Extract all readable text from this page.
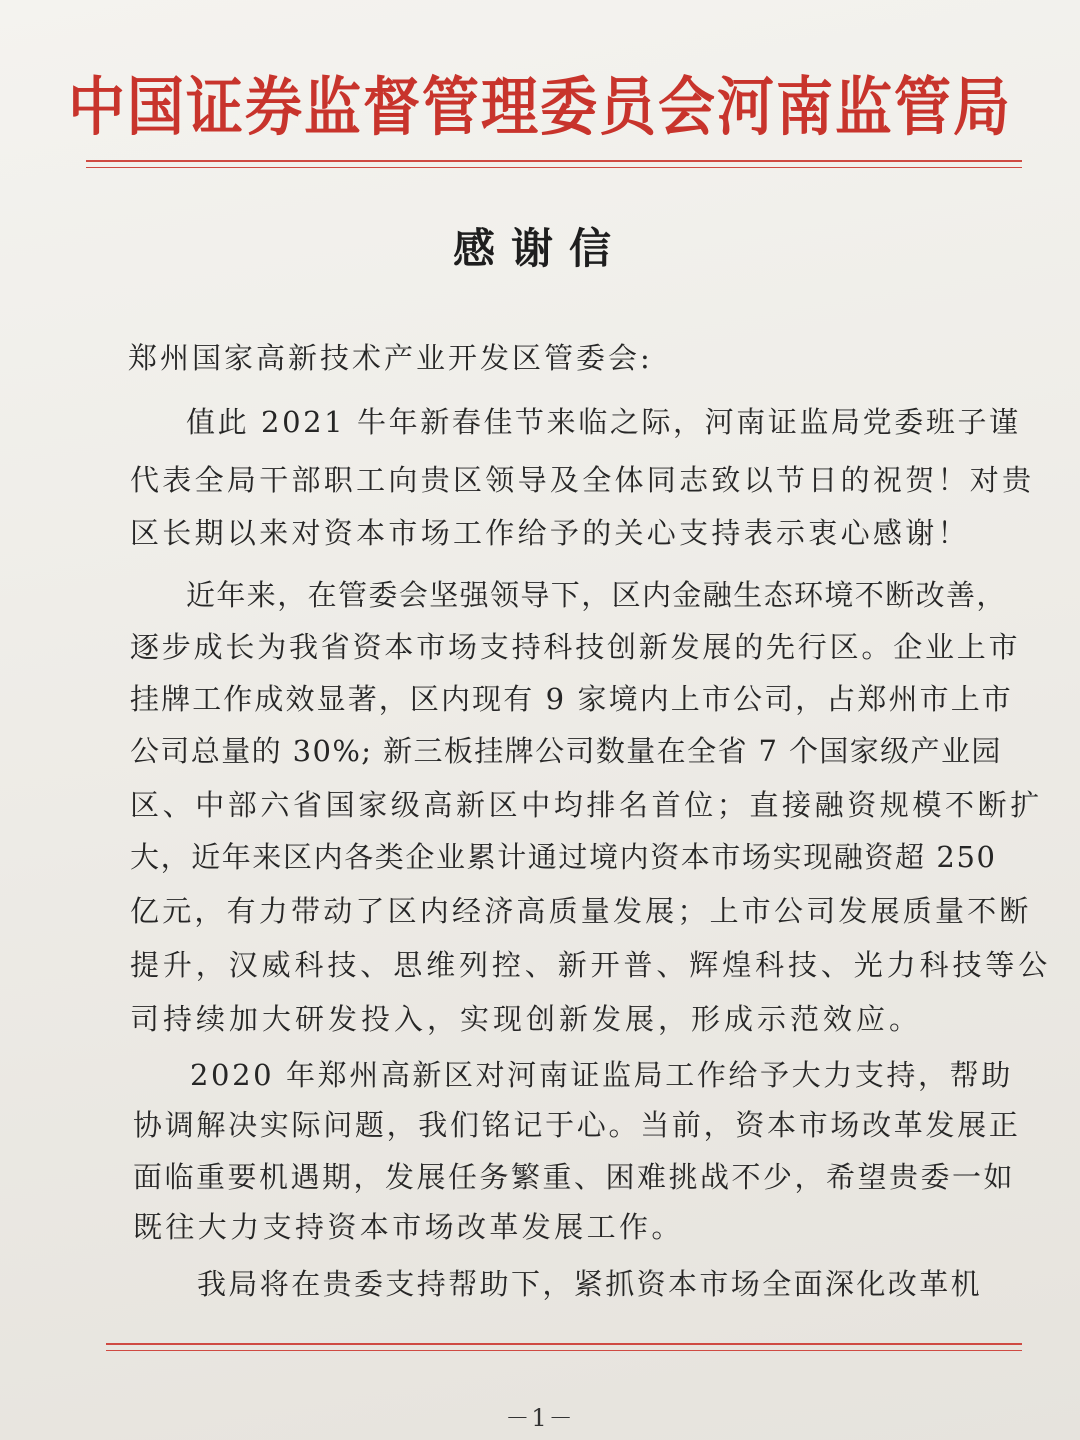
中国证券监督管理委员会河南监管局
感谢信
郑州国家高新技术产业开发区管委会:
值此 2021 牛年新春佳节来临之际，河南证监局党委班子谨
代表全局干部职工向贵区领导及全体同志致以节日的祝贺！对贵
区长期以来对资本市场工作给予的关心支持表示衷心感谢！
近年来，在管委会坚强领导下，区内金融生态环境不断改善，
逐步成长为我省资本市场支持科技创新发展的先行区。企业上市
挂牌工作成效显著，区内现有 9 家境内上市公司，占郑州市上市
公司总量的 30%; 新三板挂牌公司数量在全省 7 个国家级产业园
区、中部六省国家级高新区中均排名首位；直接融资规模不断扩
大，近年来区内各类企业累计通过境内资本市场实现融资超 250
亿元，有力带动了区内经济高质量发展；上市公司发展质量不断
提升，汉威科技、思维列控、新开普、辉煌科技、光力科技等公
司持续加大研发投入，实现创新发展，形成示范效应。
2020 年郑州高新区对河南证监局工作给予大力支持，帮助
协调解决实际问题，我们铭记于心。当前，资本市场改革发展正
面临重要机遇期，发展任务繁重、困难挑战不少，希望贵委一如
既往大力支持资本市场改革发展工作。
我局将在贵委支持帮助下，紧抓资本市场全面深化改革机
－1－
